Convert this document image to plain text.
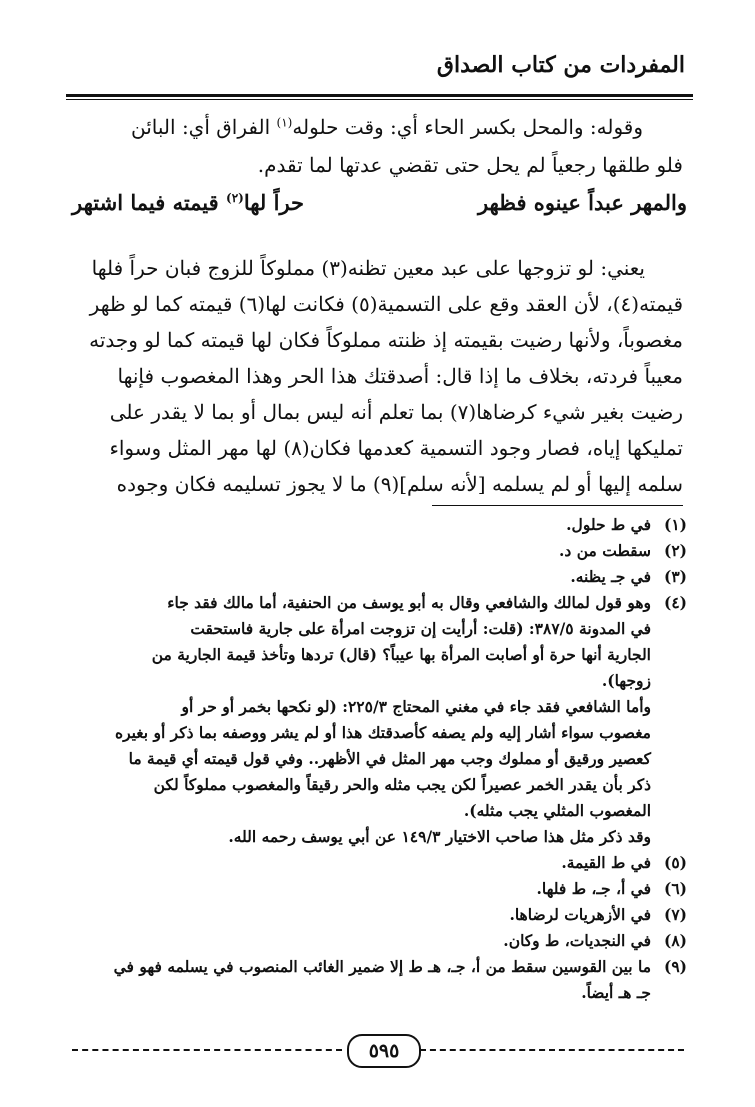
المفردات من كتاب الصداق
وقوله: والمحل بكسر الحاء أي: وقت حلوله$^{(١)}$ الفراق أي: البائن
فلو طلقها رجعياً لم يحل حتى تقضي عدتها لما تقدم.
والمهر عبداً عينوه فظهر
حراً لها$^{(٢)}$ قيمته فيما اشتهر
يعني: لو تزوجها على عبد معين تظنه(٣) مملوكاً للزوج فبان حراً فلها
قيمته(٤)، لأن العقد وقع على التسمية(٥) فكانت لها(٦) قيمته كما لو ظهر
مغصوباً، ولأنها رضيت بقيمته إذ ظنته مملوكاً فكان لها قيمته كما لو وجدته
معيباً فردته، بخلاف ما إذا قال: أصدقتك هذا الحر وهذا المغصوب فإنها
رضيت بغير شيء كرضاها(٧) بما تعلم أنه ليس بمال أو بما لا يقدر على
تمليكها إياه، فصار وجود التسمية كعدمها فكان(٨) لها مهر المثل وسواء
سلمه إليها أو لم يسلمه [لأنه سلم](٩) ما لا يجوز تسليمه فكان وجوده
(١)
في ط حلول.
(٢)
سقطت من د.
(٣)
في جـ يظنه.
(٤)
وهو قول لمالك والشافعي وقال به أبو يوسف من الحنفية، أما مالك فقد جاء
في المدونة ٣٨٧/٥: (قلت: أرأيت إن تزوجت امرأة على جارية فاستحقت
الجارية أنها حرة أو أصابت المرأة بها عيباً؟ (قال) تردها وتأخذ قيمة الجارية من
زوجها).
وأما الشافعي فقد جاء في مغني المحتاج ٢٢٥/٣: (لو نكحها بخمر أو حر أو
مغصوب سواء أشار إليه ولم يصفه كأصدقتك هذا أو لم يشر ووصفه بما ذكر أو بغيره
كعصير ورقيق أو مملوك وجب مهر المثل في الأظهر.. وفي قول قيمته أي قيمة ما
ذكر بأن يقدر الخمر عصيراً لكن يجب مثله والحر رقيقاً والمغصوب مملوكاً لكن
المغصوب المثلي يجب مثله).
وقد ذكر مثل هذا صاحب الاختيار ١٤٩/٣ عن أبي يوسف رحمه الله.
(٥)
في ط القيمة.
(٦)
في أ، جـ، ط فلها.
(٧)
في الأزهريات لرضاها.
(٨)
في النجديات، ط وكان.
(٩)
ما بين القوسين سقط من أ، جـ، هـ ط إلا ضمير الغائب المنصوب في يسلمه فهو في
جـ هـ أيضاً.
٥٩٥
